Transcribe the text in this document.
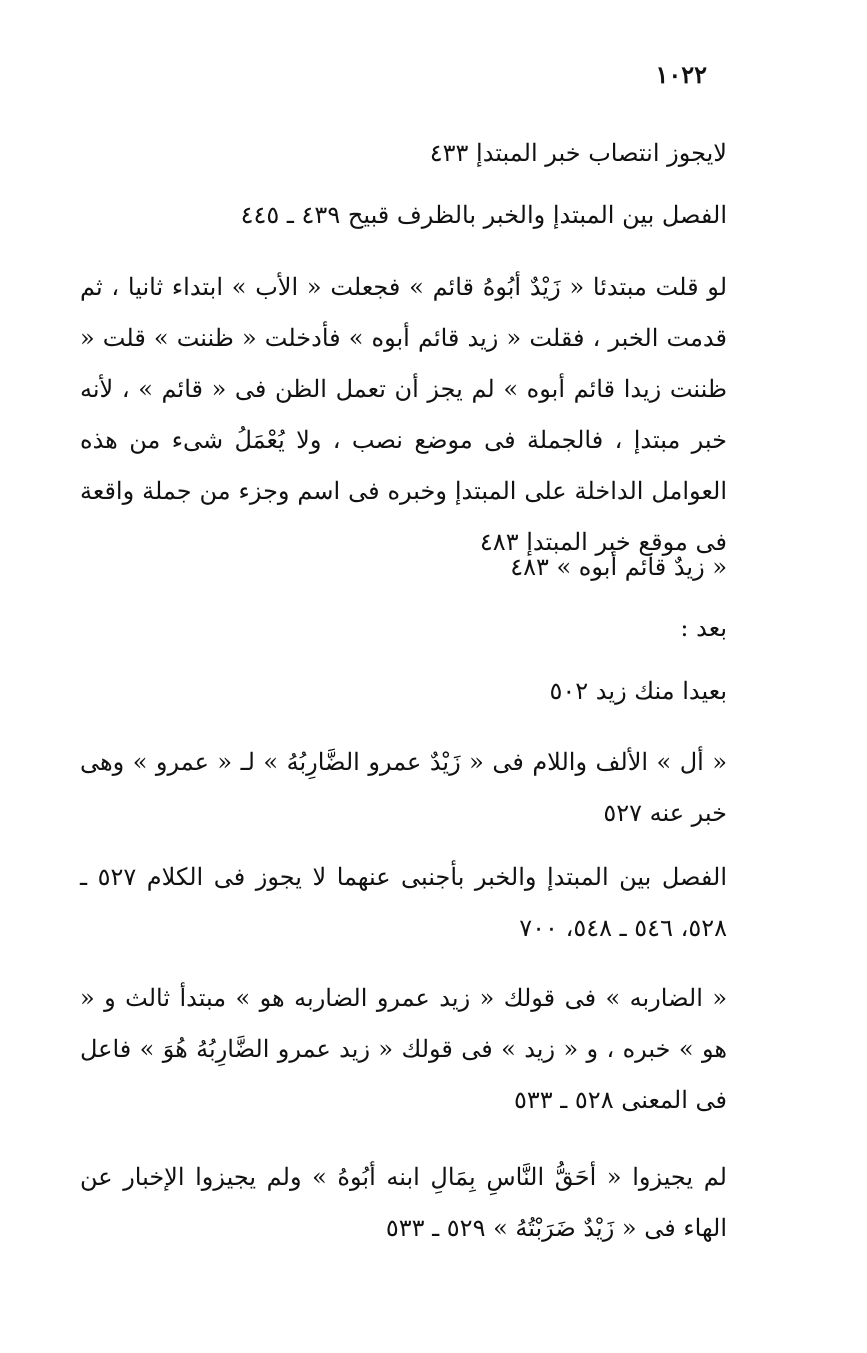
١٠٢٢

لايجوز انتصاب خبر المبتدإ ٤٣٣

الفصل بين المبتدإ والخبر بالظرف قبيح ٤٣٩ ـ ٤٤٥

لو قلت مبتدئا « زَيْدٌ أبُوهُ قائم » فجعلت « الأب » ابتداء ثانيا ، ثم قدمت الخبر ، فقلت « زيد قائم أبوه » فأدخلت « ظننت » قلت « ظننت زيدا قائم أبوه » لم يجز أن تعمل الظن فى « قائم » ، لأنه خبر مبتدإ ، فالجملة فى موضع نصب ، ولا يُعْمَلُ شىء من هذه العوامل الداخلة على المبتدإ وخبره فى اسم وجزء من جملة واقعة فى موقع خبر المبتدإ ٤٨٣

« زيدٌ قائم أبوه » ٤٨٣

بعد :

بعيدا منك زيد ٥٠٢

« أل » الألف واللام فى « زَيْدٌ عمرو الضَّارِبُهُ » لـ « عمرو » وهى خبر عنه ٥٢٧

الفصل بين المبتدإ والخبر بأجنبى عنهما لا يجوز فى الكلام ٥٢٧ ـ ٥٢٨، ٥٤٦ ـ ٥٤٨، ٧٠٠

« الضاربه » فى قولك « زيد عمرو الضاربه هو » مبتدأ ثالث و « هو » خبره ، و « زيد » فى قولك « زيد عمرو الضَّارِبُهُ هُوَ » فاعل فى المعنى ٥٢٨ ـ ٥٣٣

لم يجيزوا « أحَقُّ النَّاسِ بِمَالِ ابنه أبُوهُ » ولم يجيزوا الإخبار عن الهاء فى « زَيْدٌ ضَرَبْتُهُ » ٥٢٩ ـ ٥٣٣
